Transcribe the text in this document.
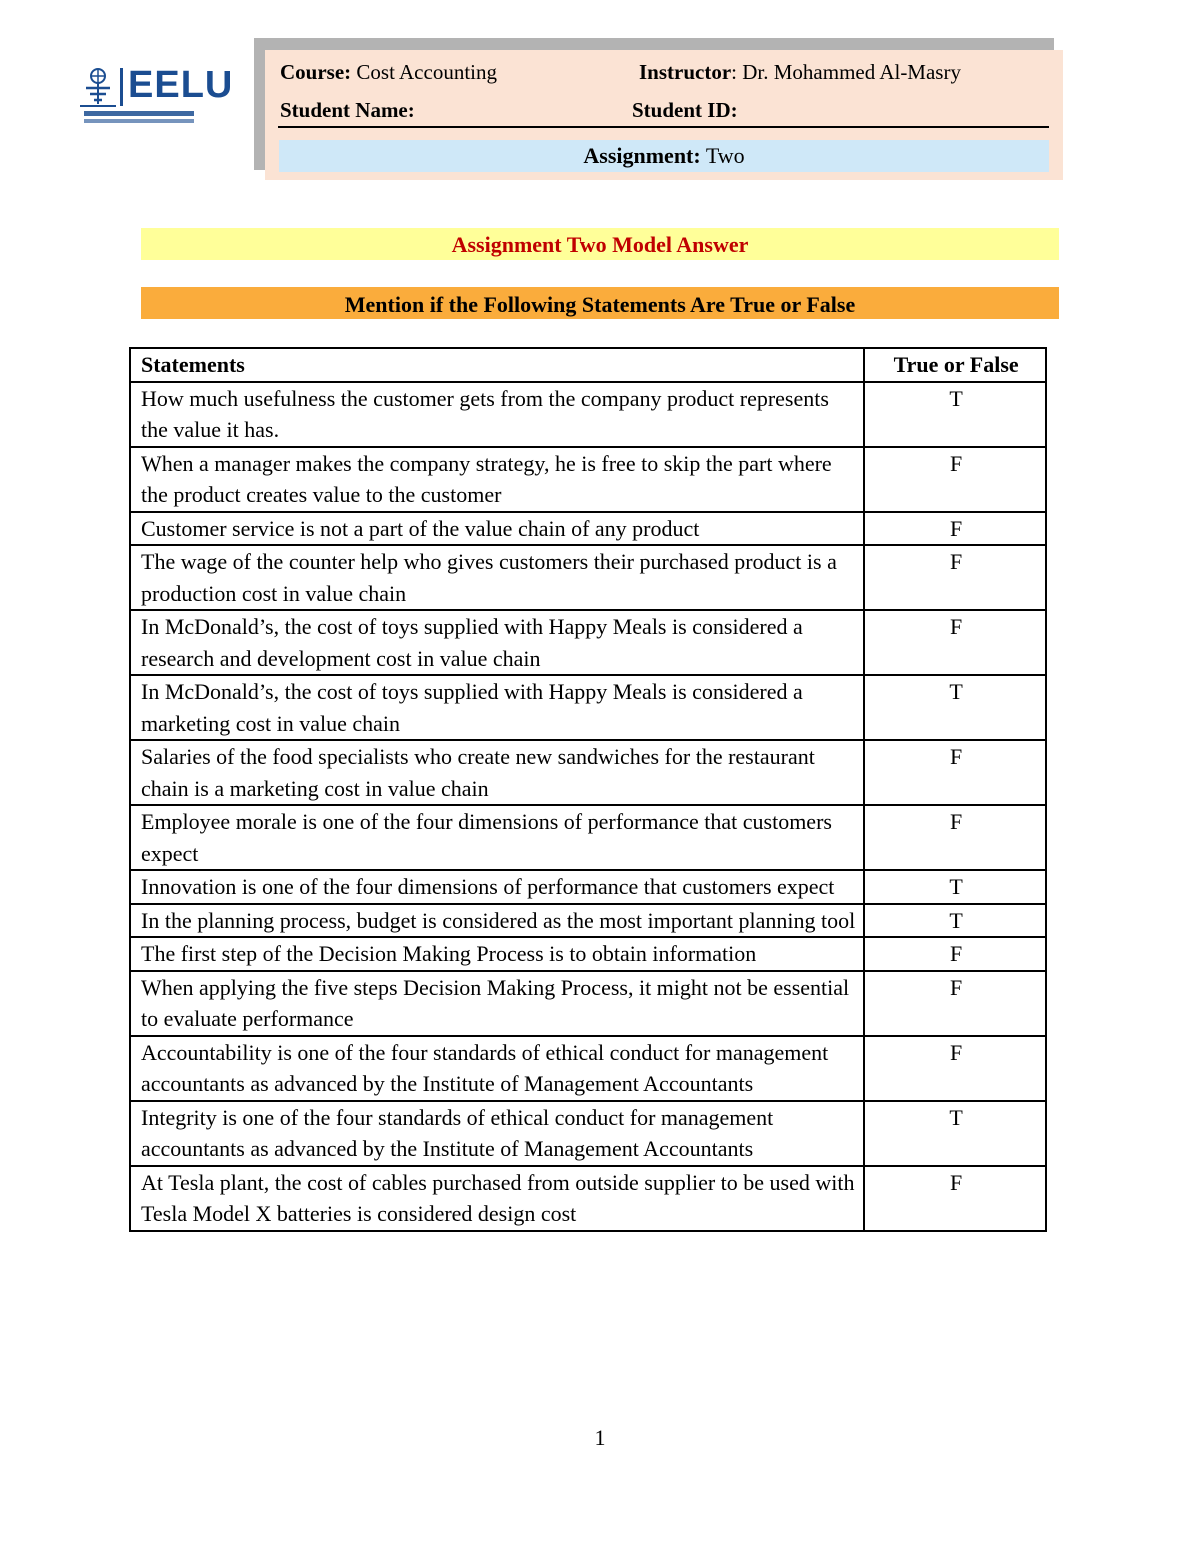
EELU Course: Cost Accounting	Instructor: Dr. Mohammed Al-Masry
Student Name:	Student ID:
Assignment: Two
Assignment Two Model Answer
Mention if the Following Statements Are True or False
Statements	True or False
How much usefulness the customer gets from the company product represents the value it has.	T
When a manager makes the company strategy, he is free to skip the part where the product creates value to the customer	F
Customer service is not a part of the value chain of any product	F
The wage of the counter help who gives customers their purchased product is a production cost in value chain	F
In McDonald’s, the cost of toys supplied with Happy Meals is considered a research and development cost in value chain	F
In McDonald’s, the cost of toys supplied with Happy Meals is considered a marketing cost in value chain	T
Salaries of the food specialists who create new sandwiches for the restaurant chain is a marketing cost in value chain	F
Employee morale is one of the four dimensions of performance that customers expect	F
Innovation is one of the four dimensions of performance that customers expect	T
In the planning process, budget is considered as the most important planning tool	T
The first step of the Decision Making Process is to obtain information	F
When applying the five steps Decision Making Process, it might not be essential to evaluate performance	F
Accountability is one of the four standards of ethical conduct for management accountants as advanced by the Institute of Management Accountants	F
Integrity is one of the four standards of ethical conduct for management accountants as advanced by the Institute of Management Accountants	T
At Tesla plant, the cost of cables purchased from outside supplier to be used with Tesla Model X batteries is considered design cost	F
1
